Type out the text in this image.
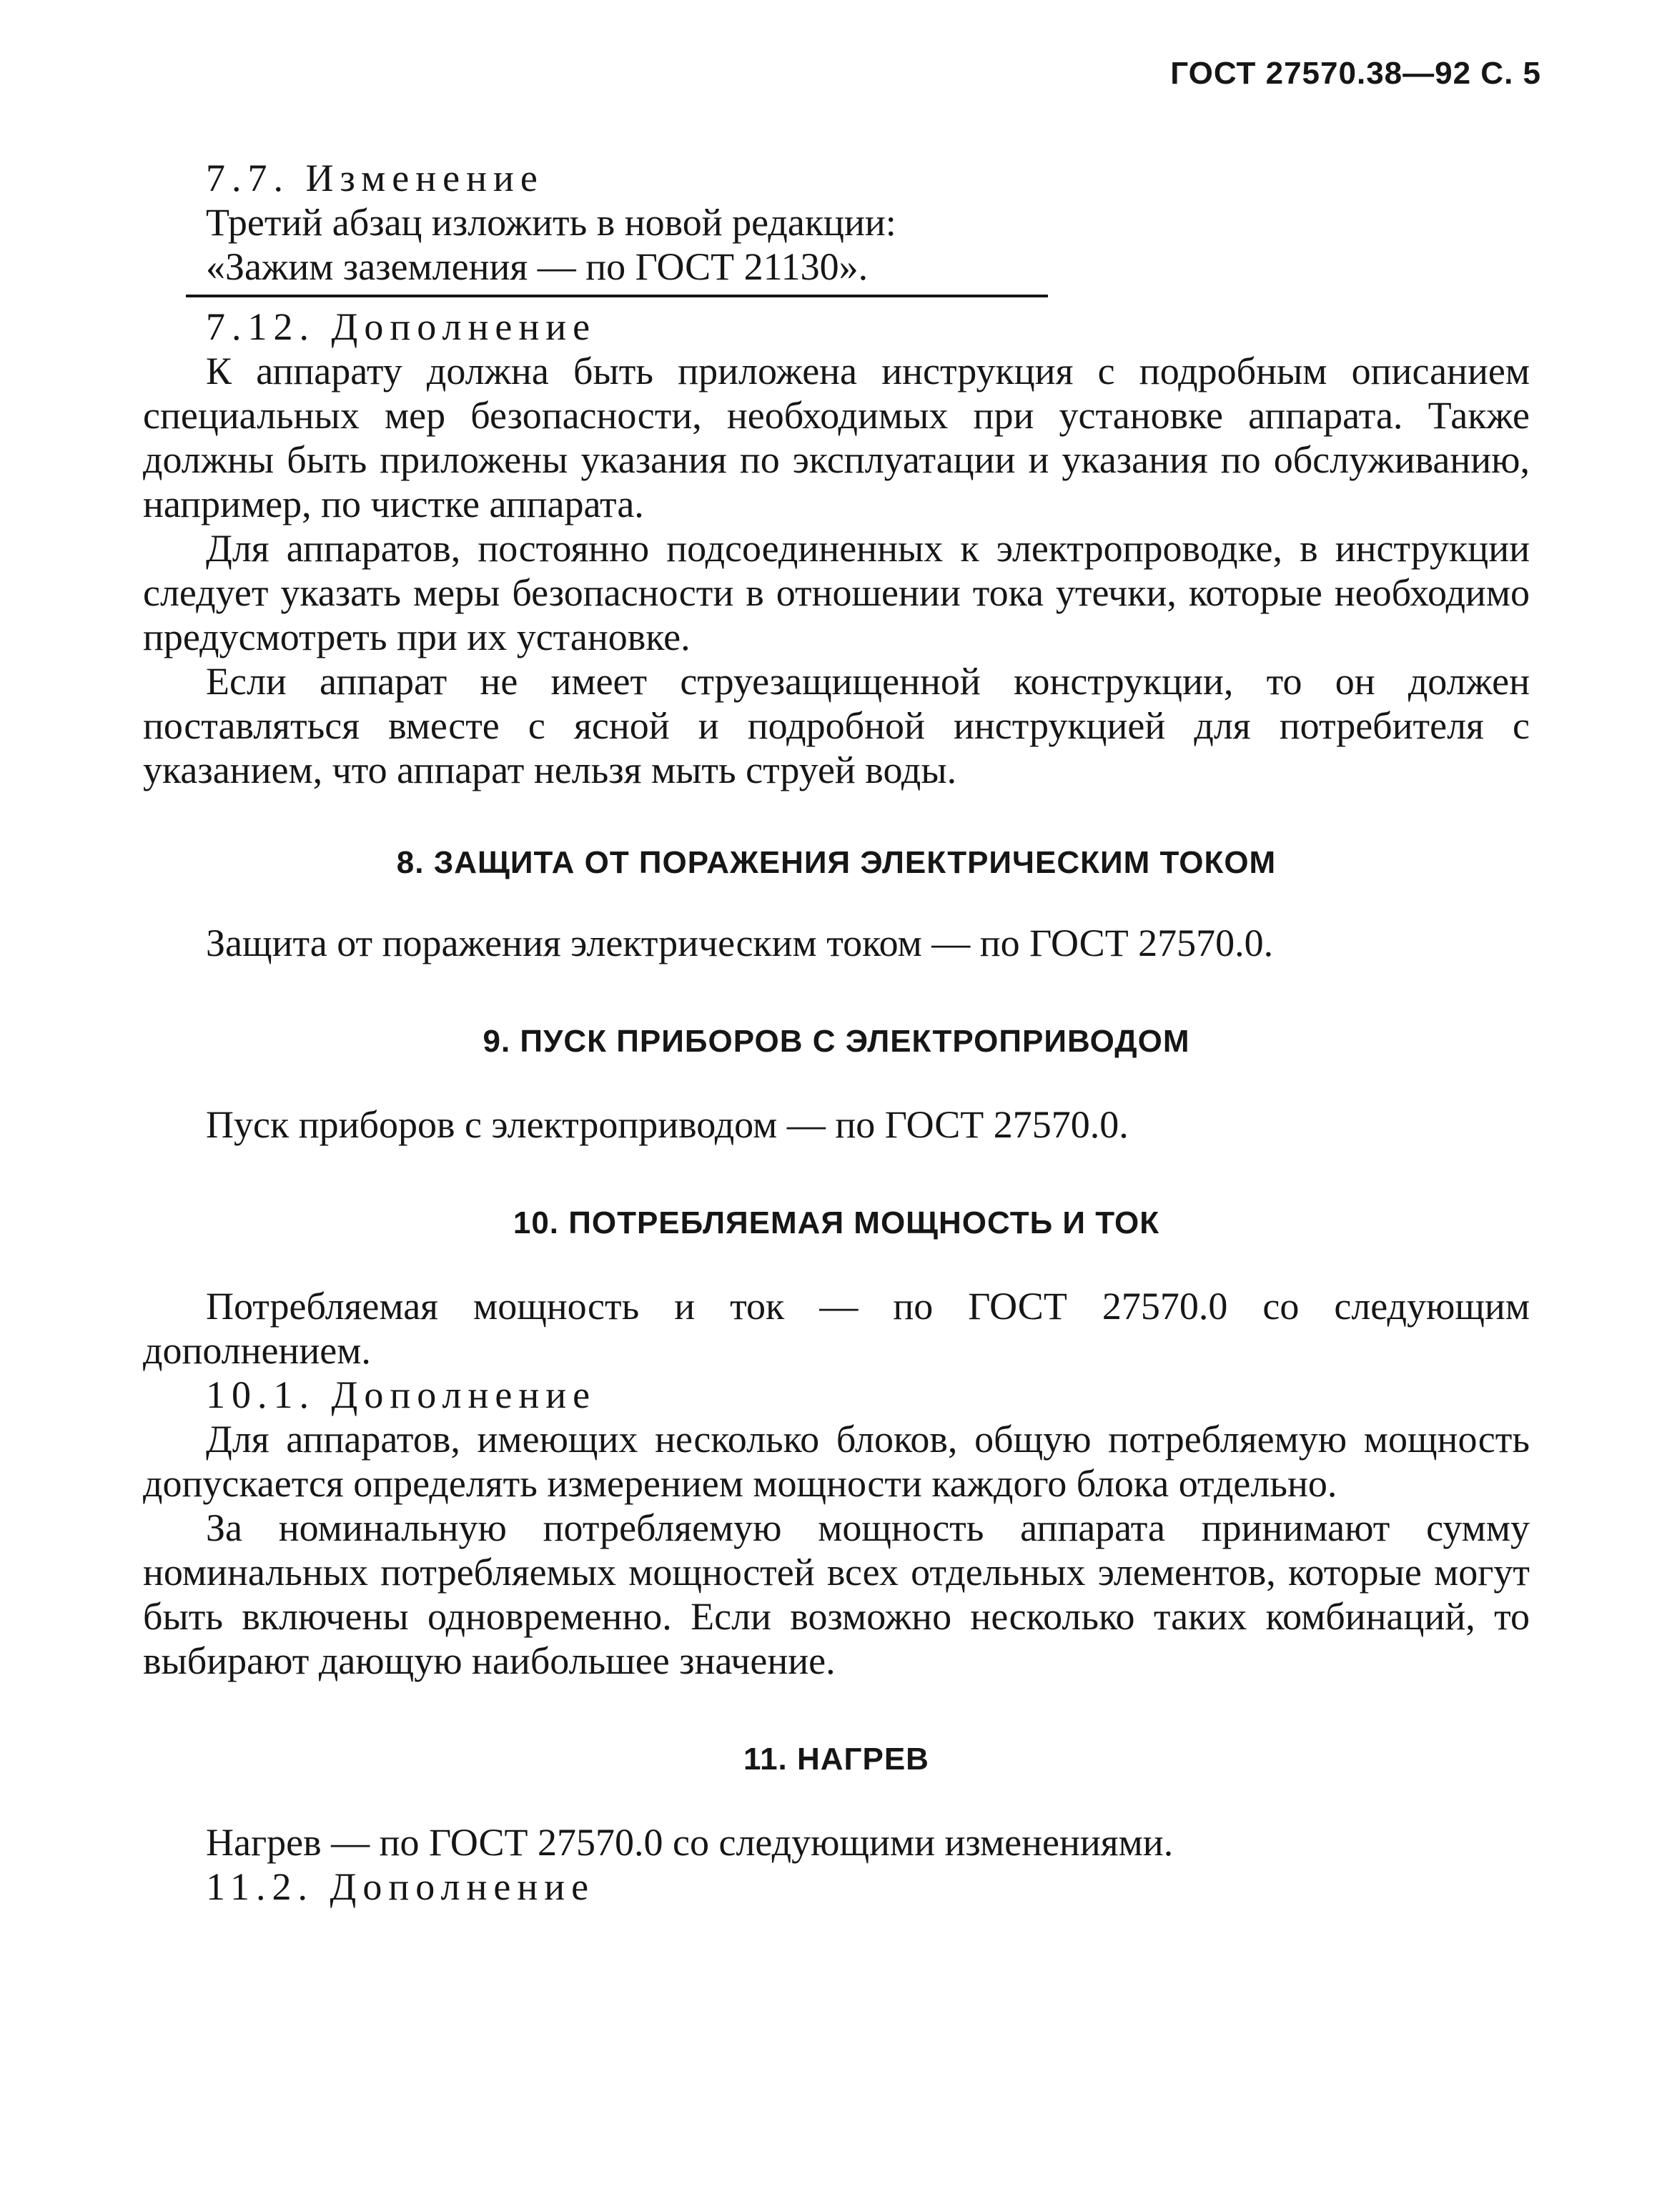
ГОСТ 27570.38—92 С. 5

7.7. Изменение

Третий абзац изложить в новой редакции:

«Зажим заземления — по ГОСТ 21130».

7.12. Дополнение

К аппарату должна быть приложена инструкция с подробным описанием специальных мер безопасности, необходимых при установке аппарата. Также должны быть приложены указания по эксплуатации и указания по обслуживанию, например, по чистке аппарата.

Для аппаратов, постоянно подсоединенных к электропроводке, в инструкции следует указать меры безопасности в отношении тока утечки, которые необходимо предусмотреть при их установке.

Если аппарат не имеет струезащищенной конструкции, то он должен поставляться вместе с ясной и подробной инструкцией для потребителя с указанием, что аппарат нельзя мыть струей воды.

8. ЗАЩИТА ОТ ПОРАЖЕНИЯ ЭЛЕКТРИЧЕСКИМ ТОКОМ

Защита от поражения электрическим током — по ГОСТ 27570.0.

9. ПУСК ПРИБОРОВ С ЭЛЕКТРОПРИВОДОМ

Пуск приборов с электроприводом — по ГОСТ 27570.0.

10. ПОТРЕБЛЯЕМАЯ МОЩНОСТЬ И ТОК

Потребляемая мощность и ток — по ГОСТ 27570.0 со следующим дополнением.

10.1. Дополнение

Для аппаратов, имеющих несколько блоков, общую потребляемую мощность допускается определять измерением мощности каждого блока отдельно.

За номинальную потребляемую мощность аппарата принимают сумму номинальных потребляемых мощностей всех отдельных элементов, которые могут быть включены одновременно. Если возможно несколько таких комбинаций, то выбирают дающую наибольшее значение.

11. НАГРЕВ

Нагрев — по ГОСТ 27570.0 со следующими изменениями.

11.2. Дополнение
